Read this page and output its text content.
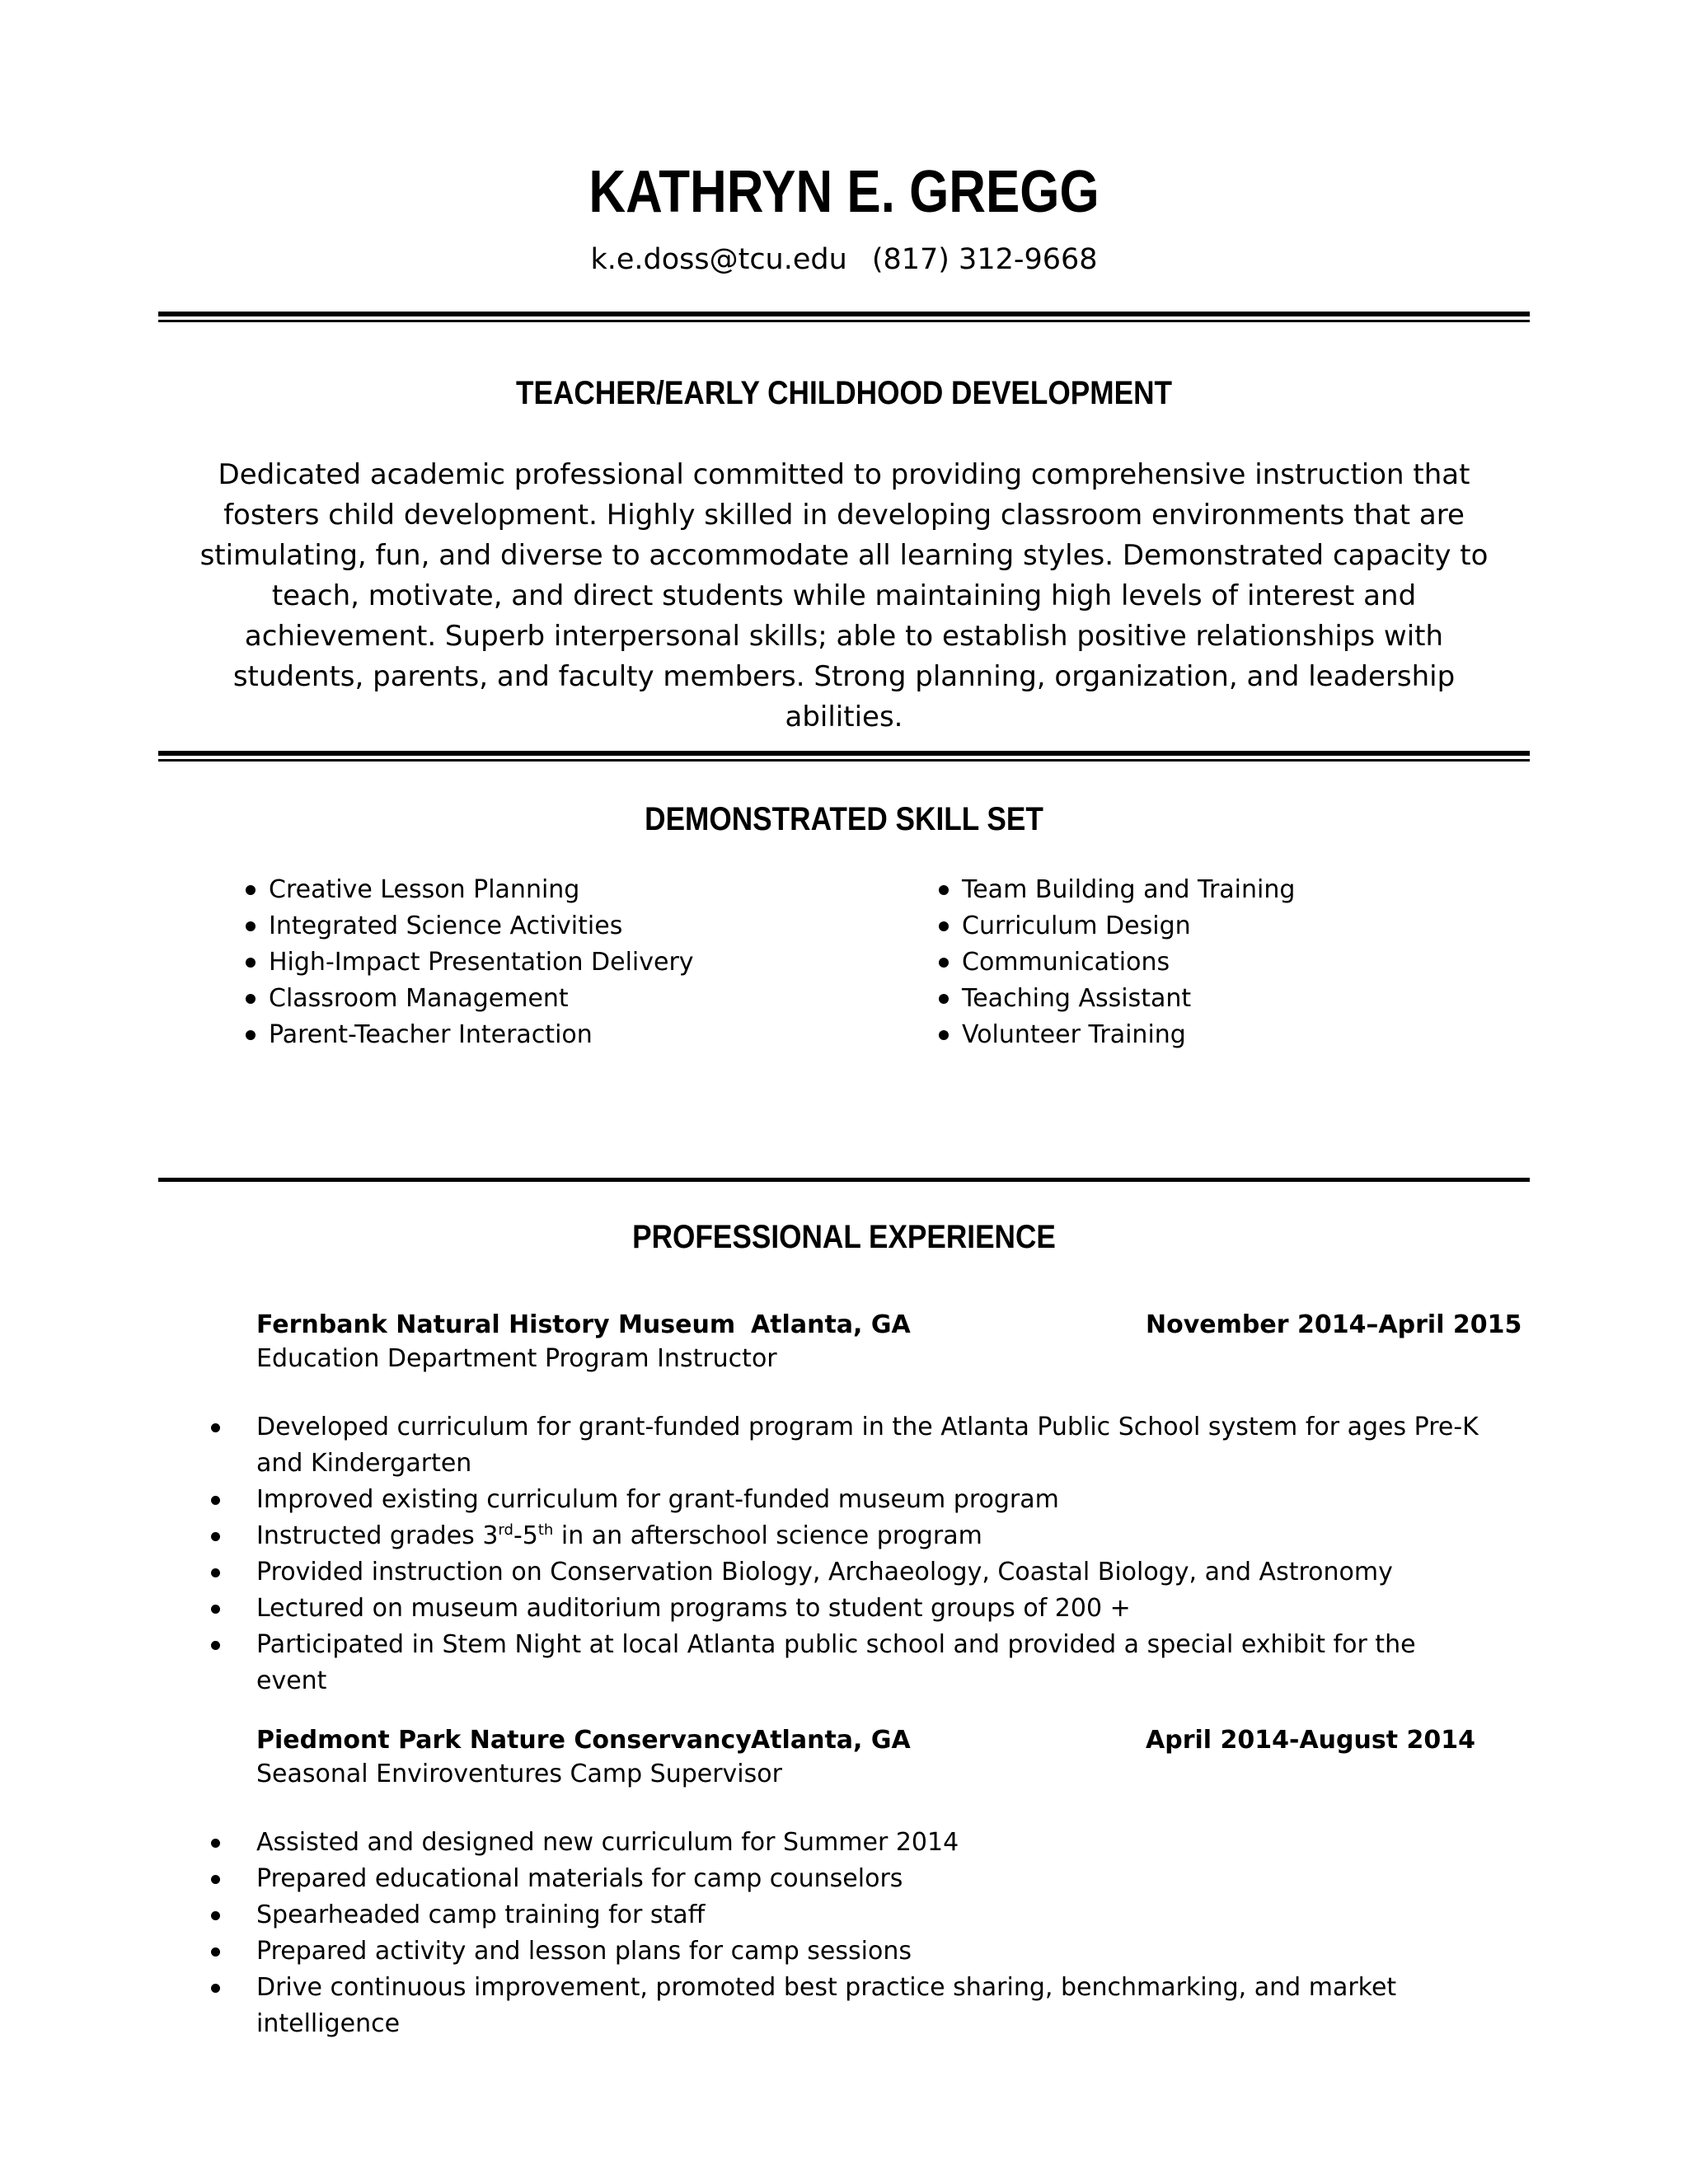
KATHRYN E. GREGG
k.e.doss@tcu.edu (817) 312-9668
TEACHER/EARLY CHILDHOOD DEVELOPMENT
Dedicated academic professional committed to providing comprehensive instruction that fosters child development. Highly skilled in developing classroom environments that are stimulating, fun, and diverse to accommodate all learning styles. Demonstrated capacity to teach, motivate, and direct students while maintaining high levels of interest and achievement. Superb interpersonal skills; able to establish positive relationships with students, parents, and faculty members. Strong planning, organization, and leadership abilities.
DEMONSTRATED SKILL SET
Creative Lesson Planning
Integrated Science Activities
High-Impact Presentation Delivery
Classroom Management
Parent-Teacher Interaction
Team Building and Training
Curriculum Design
Communications
Teaching Assistant
Volunteer Training
PROFESSIONAL EXPERIENCE
Fernbank Natural History Museum Atlanta, GA	November 2014–April 2015
Education Department Program Instructor
Developed curriculum for grant-funded program in the Atlanta Public School system for ages Pre-K and Kindergarten
Improved existing curriculum for grant-funded museum program
Instructed grades 3rd-5th in an afterschool science program
Provided instruction on Conservation Biology, Archaeology, Coastal Biology, and Astronomy
Lectured on museum auditorium programs to student groups of 200 +
Participated in Stem Night at local Atlanta public school and provided a special exhibit for the event
Piedmont Park Nature Conservancy Atlanta, GA	April 2014-August 2014
Seasonal Enviroventures Camp Supervisor
Assisted and designed new curriculum for Summer 2014
Prepared educational materials for camp counselors
Spearheaded camp training for staff
Prepared activity and lesson plans for camp sessions
Drive continuous improvement, promoted best practice sharing, benchmarking, and market intelligence
